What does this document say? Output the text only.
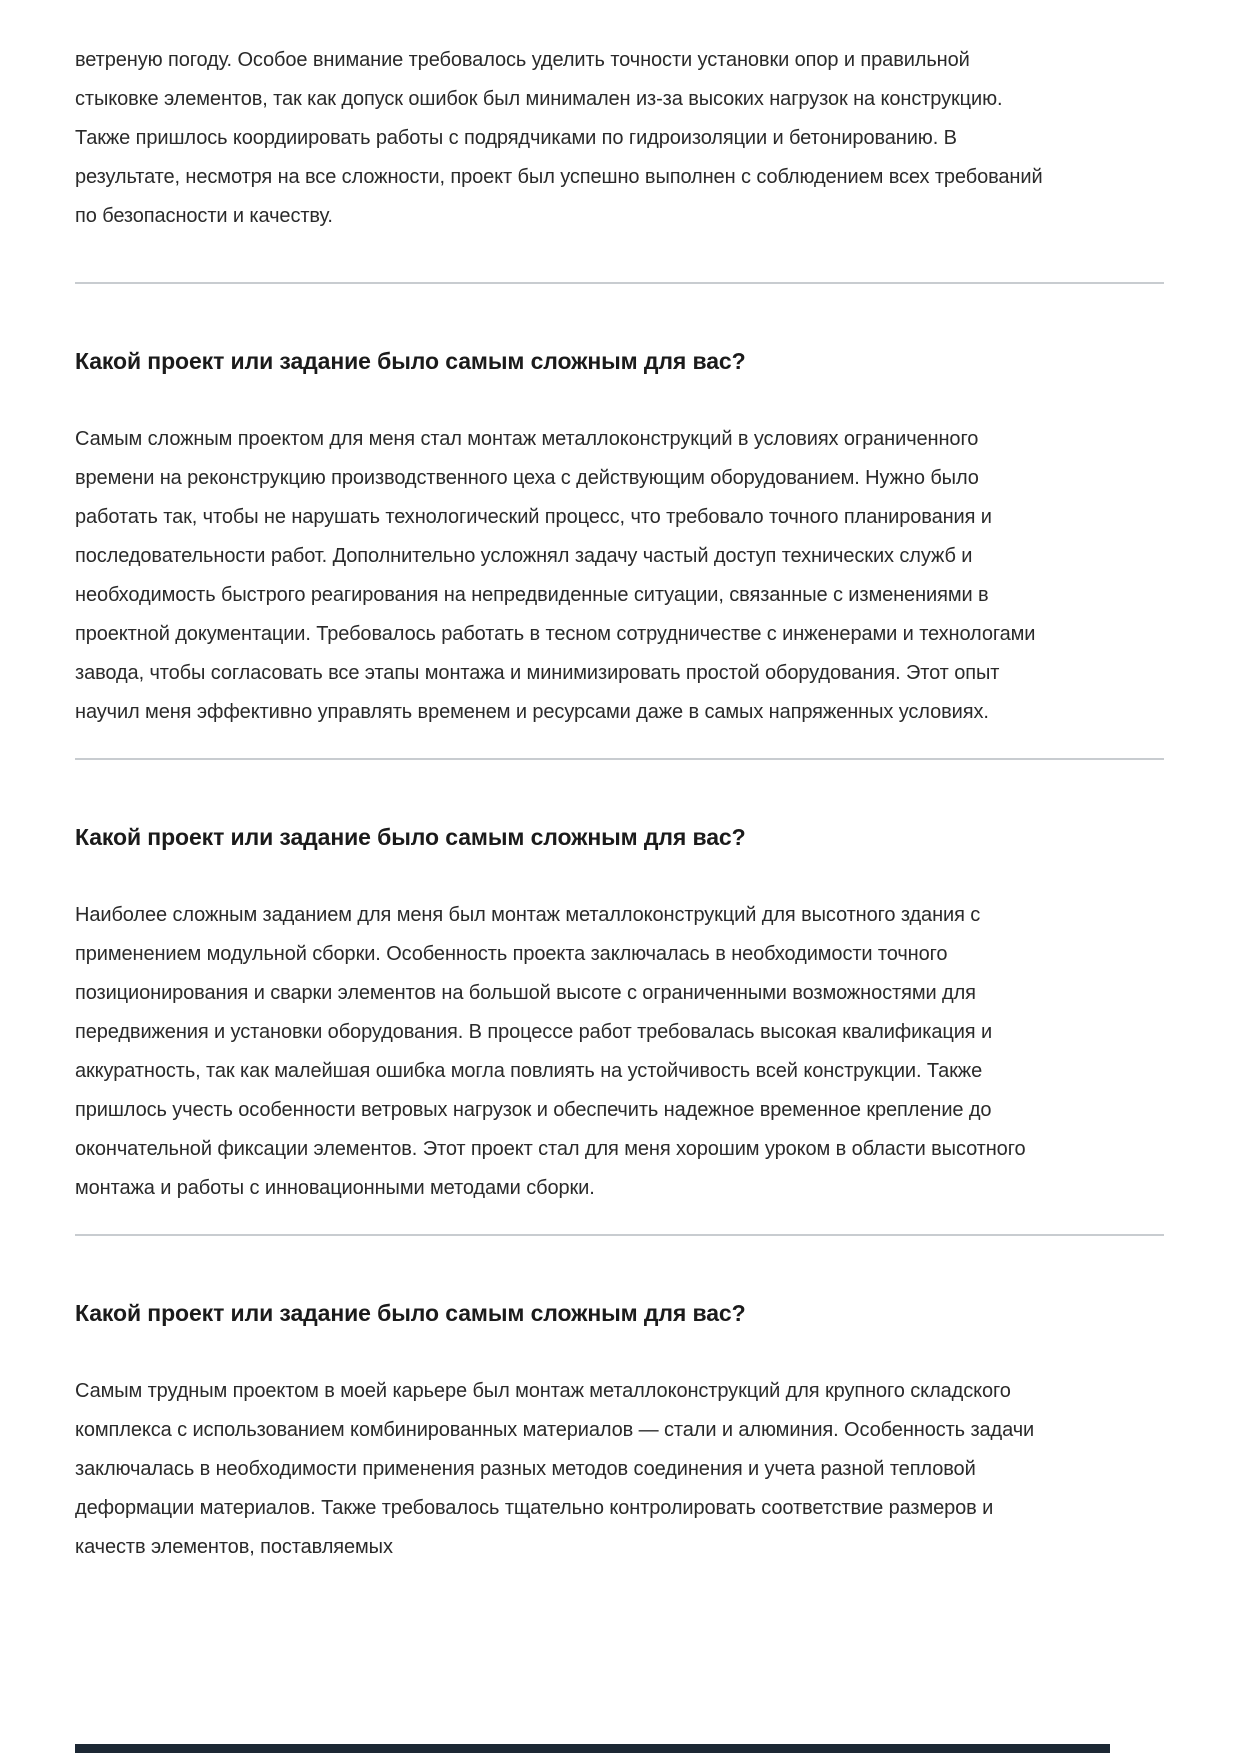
ветреную погоду. Особое внимание требовалось уделить точности установки опор и правильной стыковке элементов, так как допуск ошибок был минимален из-за высоких нагрузок на конструкцию. Также пришлось коордиировать работы с подрядчиками по гидроизоляции и бетонированию. В результате, несмотря на все сложности, проект был успешно выполнен с соблюдением всех требований по безопасности и качеству.

Какой проект или задание было самым сложным для вас?

Самым сложным проектом для меня стал монтаж металлоконструкций в условиях ограниченного времени на реконструкцию производственного цеха с действующим оборудованием. Нужно было работать так, чтобы не нарушать технологический процесс, что требовало точного планирования и последовательности работ. Дополнительно усложнял задачу частый доступ технических служб и необходимость быстрого реагирования на непредвиденные ситуации, связанные с изменениями в проектной документации. Требовалось работать в тесном сотрудничестве с инженерами и технологами завода, чтобы согласовать все этапы монтажа и минимизировать простой оборудования. Этот опыт научил меня эффективно управлять временем и ресурсами даже в самых напряженных условиях.

Какой проект или задание было самым сложным для вас?

Наиболее сложным заданием для меня был монтаж металлоконструкций для высотного здания с применением модульной сборки. Особенность проекта заключалась в необходимости точного позиционирования и сварки элементов на большой высоте с ограниченными возможностями для передвижения и установки оборудования. В процессе работ требовалась высокая квалификация и аккуратность, так как малейшая ошибка могла повлиять на устойчивость всей конструкции. Также пришлось учесть особенности ветровых нагрузок и обеспечить надежное временное крепление до окончательной фиксации элементов. Этот проект стал для меня хорошим уроком в области высотного монтажа и работы с инновационными методами сборки.

Какой проект или задание было самым сложным для вас?

Самым трудным проектом в моей карьере был монтаж металлоконструкций для крупного складского комплекса с использованием комбинированных материалов — стали и алюминия. Особенность задачи заключалась в необходимости применения разных методов соединения и учета разной тепловой деформации материалов. Также требовалось тщательно контролировать соответствие размеров и качеств элементов, поставляемых
